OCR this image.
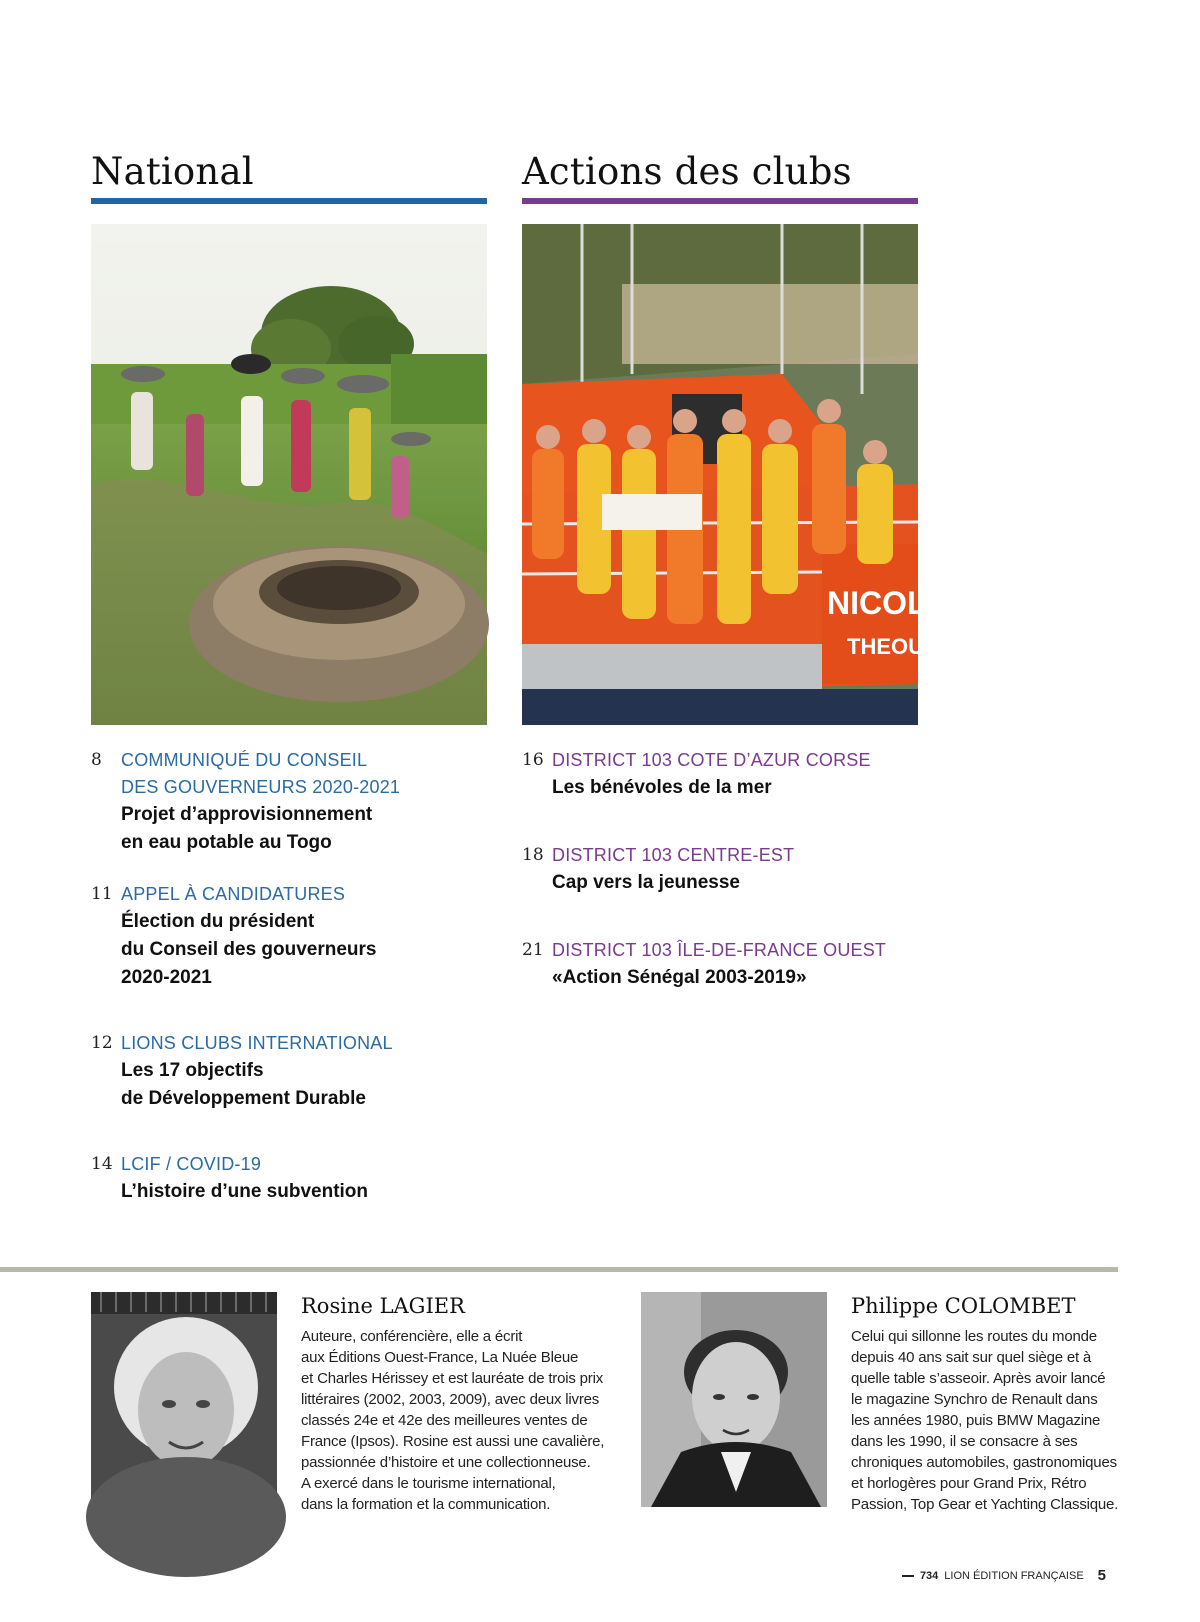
National
8 COMMUNIQUÉ DU CONSEIL
DES GOUVERNEURS 2020-2021
Projet d’approvisionnement
en eau potable au Togo
11 APPEL À CANDIDATURES
Élection du président
du Conseil des gouverneurs
2020-2021
12 LIONS CLUBS INTERNATIONAL
Les 17 objectifs
de Développement Durable
14 LCIF / COVID-19
L’histoire d’une subvention
Actions des clubs
NICOLE
THEOU
16 DISTRICT 103 COTE D’AZUR CORSE
Les bénévoles de la mer
18 DISTRICT 103 CENTRE-EST
Cap vers la jeunesse
21 DISTRICT 103 ÎLE-DE-FRANCE OUEST
«Action Sénégal 2003-2019»
Rosine LAGIER

Auteure, conférencière, elle a écrit

aux Éditions Ouest-France, La Nuée Bleue

et Charles Hérissey et est lauréate de trois prix

littéraires (2002, 2003, 2009), avec deux livres

classés 24e et 42e des meilleures ventes de

France (Ipsos). Rosine est aussi une cavalière,

passionnée d’histoire et une collectionneuse.

A exercé dans le tourisme international,

dans la formation et la communication.

Philippe COLOMBET

Celui qui sillonne les routes du monde

depuis 40 ans sait sur quel siège et à

quelle table s’asseoir. Après avoir lancé

le magazine Synchro de Renault dans

les années 1980, puis BMW Magazine

dans les 1990, il se consacre à ses

chroniques automobiles, gastronomiques

et horlogères pour Grand Prix, Rétro

Passion, Top Gear et Yachting Classique.

734 LION ÉDITION FRANÇAISE 5
